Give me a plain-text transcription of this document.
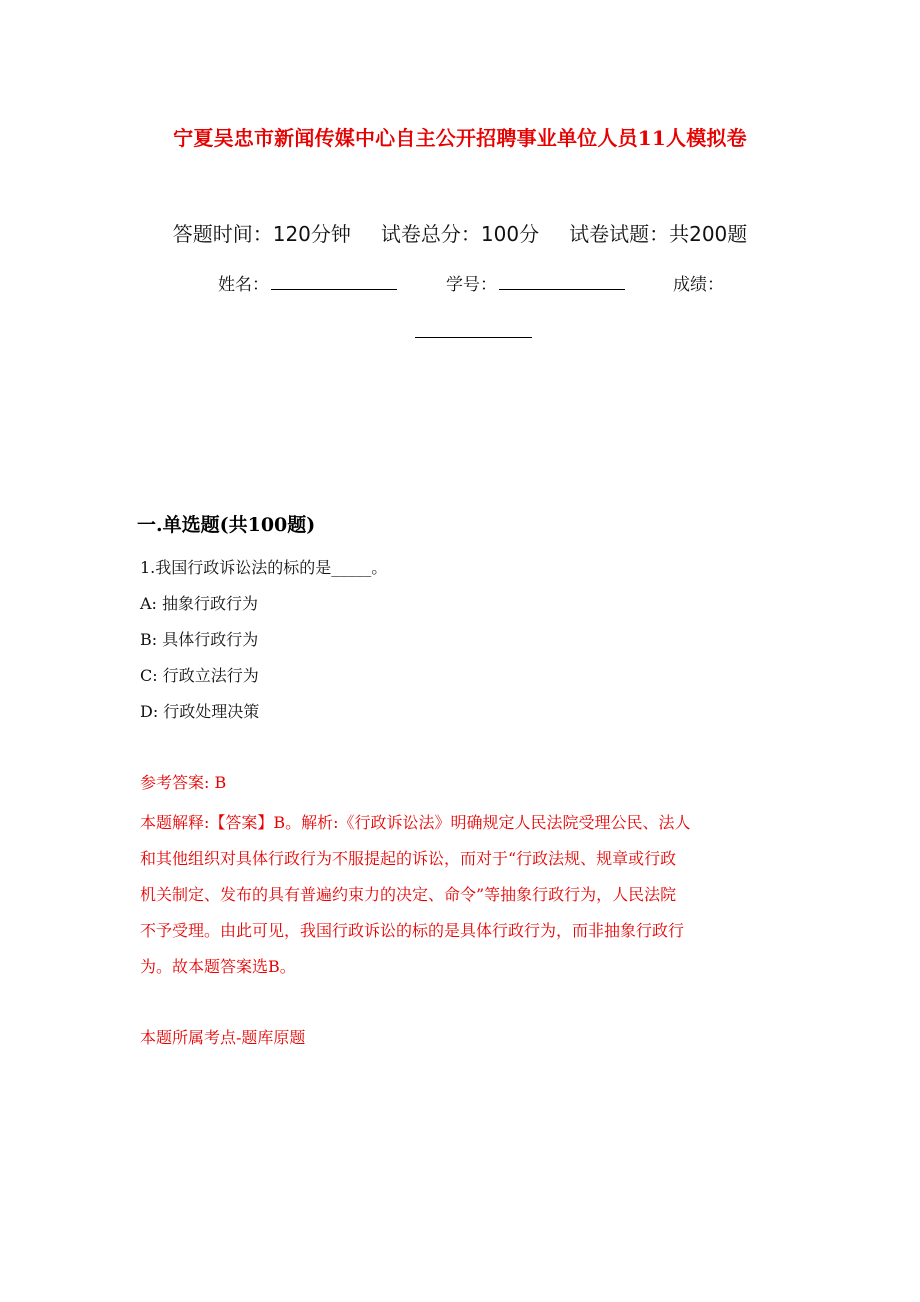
宁夏吴忠市新闻传媒中心自主公开招聘事业单位人员11人模拟卷
答题时间：120分钟 试卷总分：100分 试卷试题：共200题
姓名：	学号：	成绩：
一.单选题(共100题)
1.我国行政诉讼法的标的是_____。
A: 抽象行政行为
B: 具体行政行为
C: 行政立法行为
D: 行政处理决策
参考答案: B
本题解释:【答案】B。解析:《行政诉讼法》明确规定人民法院受理公民、法人
和其他组织对具体行政行为不服提起的诉讼，而对于“行政法规、规章或行政
机关制定、发布的具有普遍约束力的决定、命令”等抽象行政行为，人民法院
不予受理。由此可见，我国行政诉讼的标的是具体行政行为，而非抽象行政行
为。故本题答案选B。
本题所属考点-题库原题
